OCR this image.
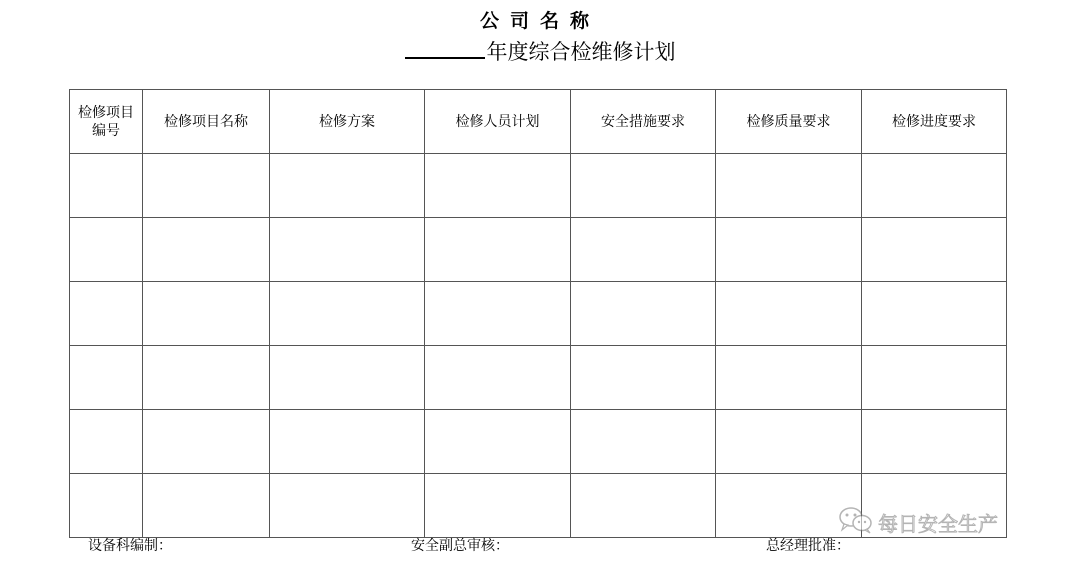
公司名称
年度综合检维修计划
检修项目编号	检修项目名称	检修方案	检修人员计划	安全措施要求	检修质量要求	检修进度要求

设备科编制：	安全副总审核：	总经理批准：
每日安全生产
